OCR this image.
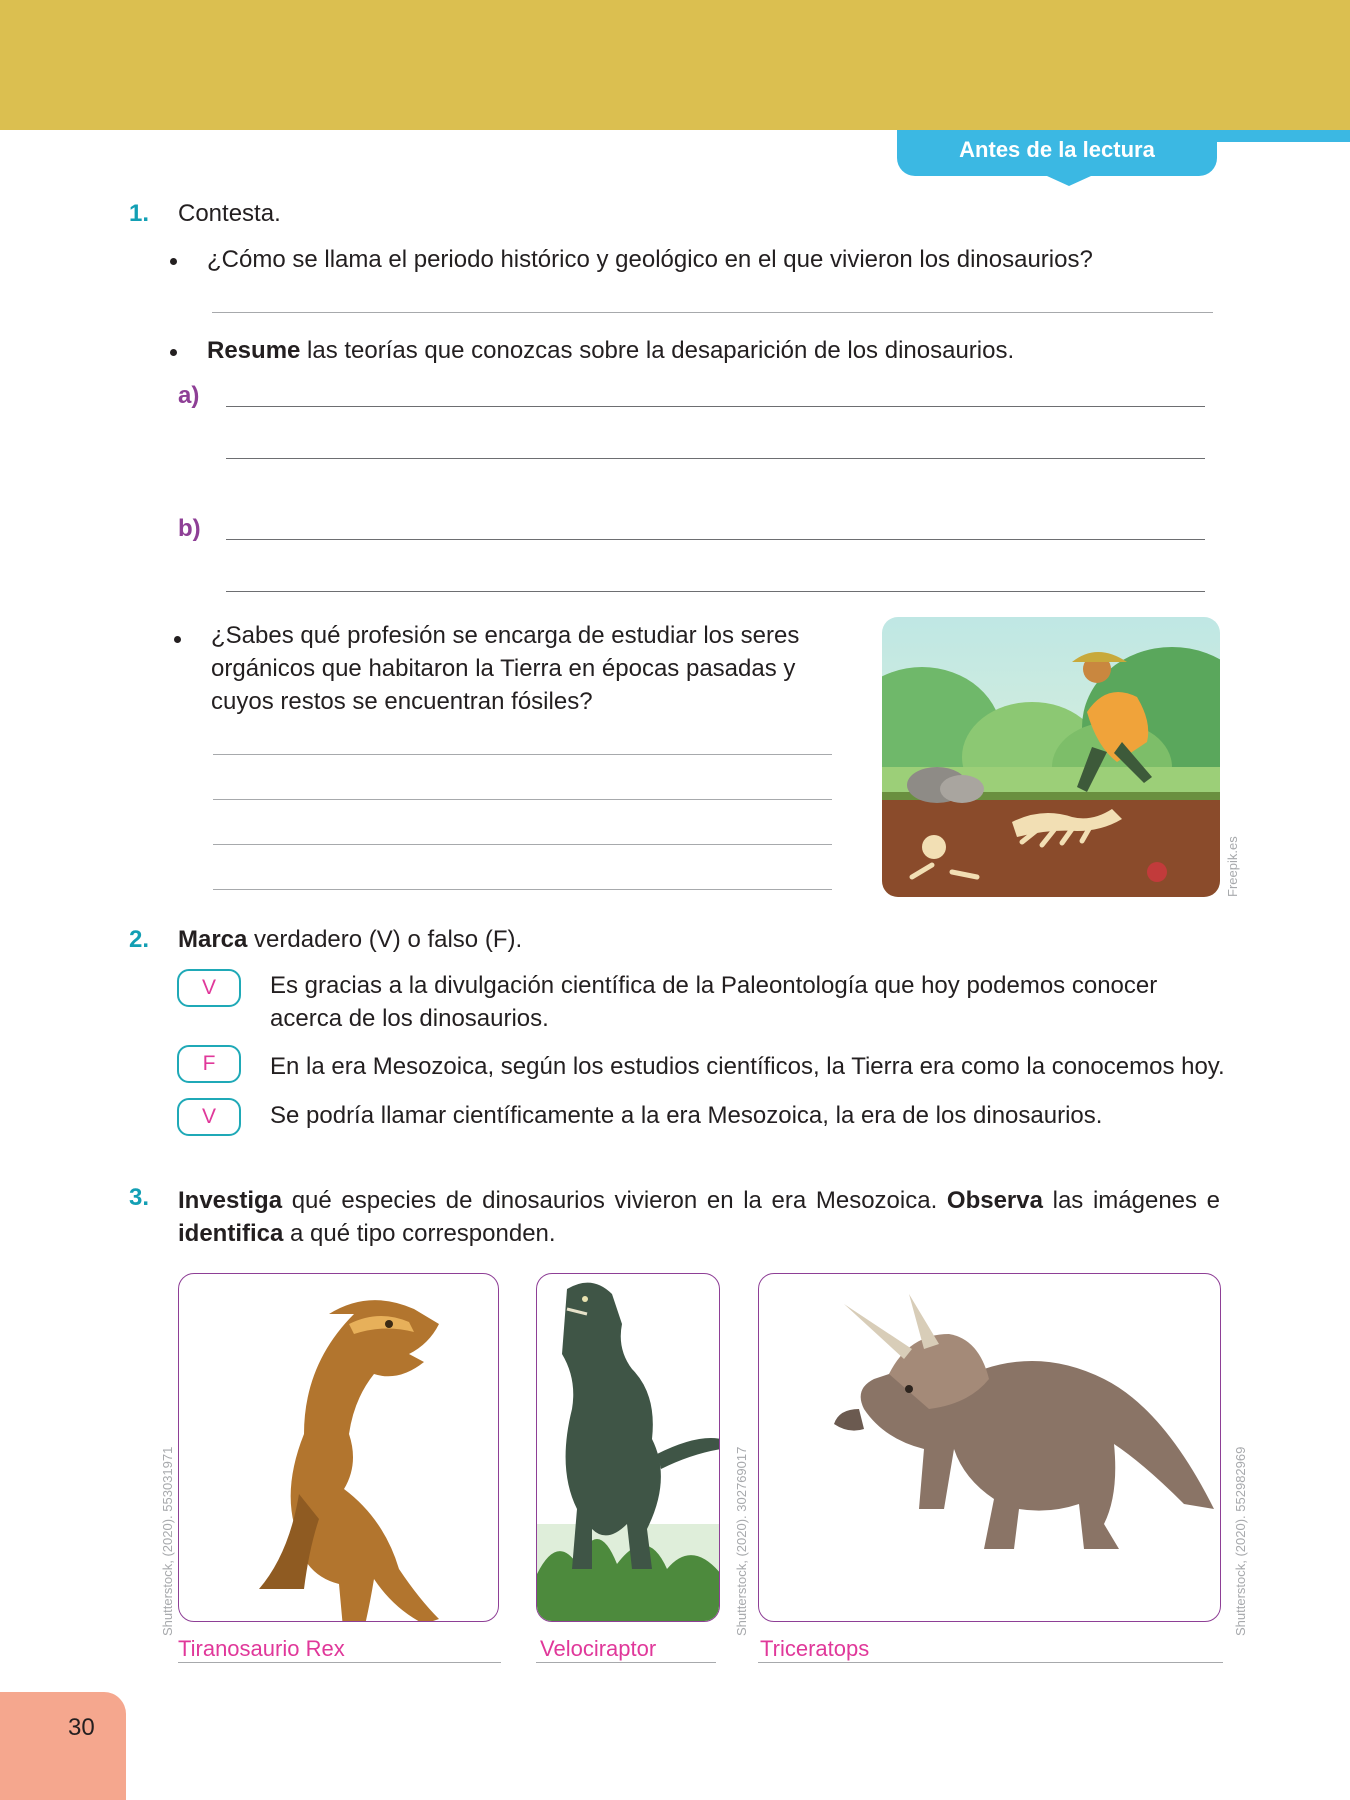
Antes de la lectura
1. Contesta.
¿Cómo se llama el periodo histórico y geológico en el que vivieron los dinosaurios?
Resume las teorías que conozcas sobre la desaparición de los dinosaurios.
a)
b)
¿Sabes qué profesión se encarga de estudiar los seres
orgánicos que habitaron la Tierra en épocas pasadas y
cuyos restos se encuentran fósiles?
Freepik.es
2. Marca verdadero (V) o falso (F).
V	Es gracias a la divulgación científica de la Paleontología que hoy podemos conocer
acerca de los dinosaurios.
F	En la era Mesozoica, según los estudios científicos, la Tierra era como la conocemos hoy.
V	Se podría llamar científicamente a la era Mesozoica, la era de los dinosaurios.
3. Investiga qué especies de dinosaurios vivieron en la era Mesozoica. Observa las imágenes e
identifica a qué tipo corresponden.
Shutterstock, (2020). 553031971
Tiranosaurio Rex
Shutterstock, (2020). 302769017
Velociraptor
Shutterstock, (2020). 552982969
Triceratops
30
